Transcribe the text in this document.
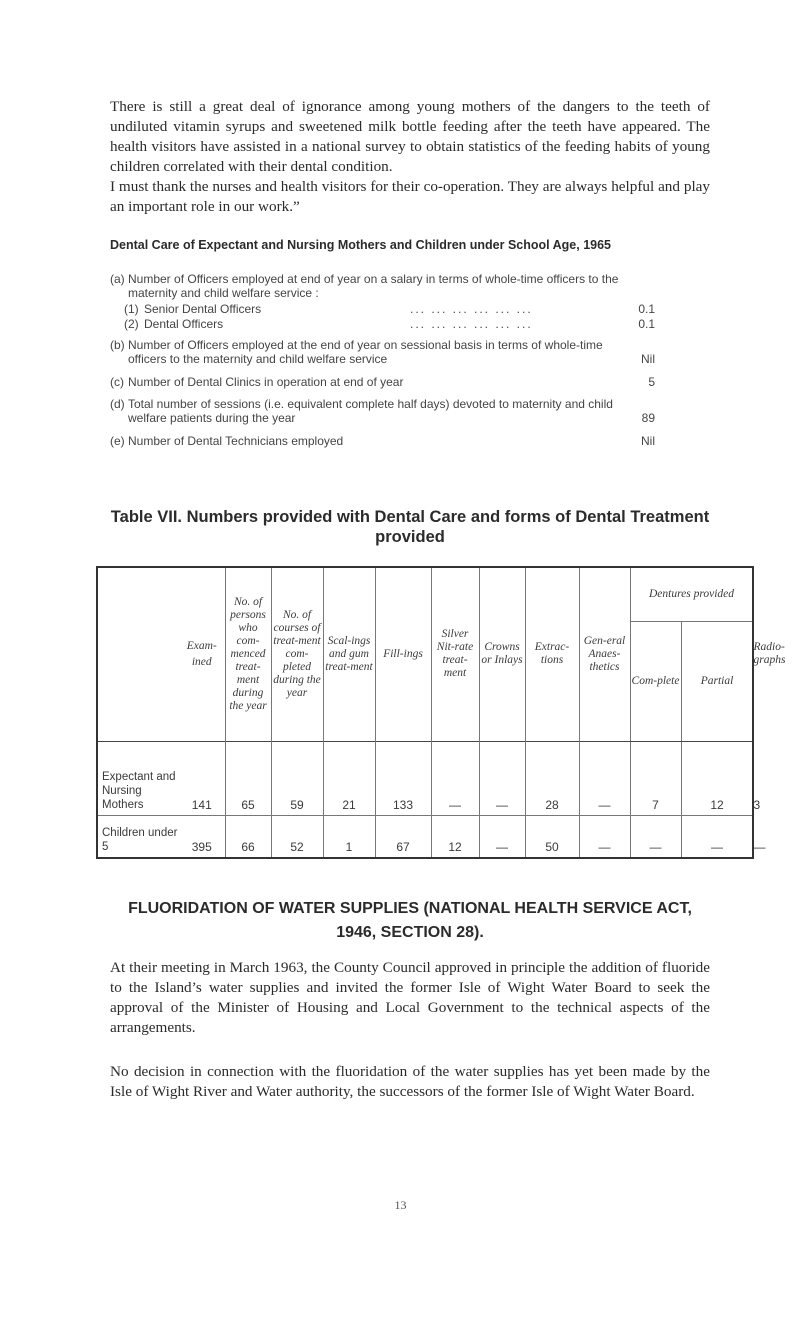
There is still a great deal of ignorance among young mothers of the dangers to the teeth of undiluted vitamin syrups and sweetened milk bottle feeding after the teeth have appeared. The health visitors have assisted in a national survey to obtain statistics of the feeding habits of young children correlated with their dental condition.

I must thank the nurses and health visitors for their co-operation. They are always helpful and play an important role in our work.”

Dental Care of Expectant and Nursing Mothers and Children under School Age, 1965

(a) Number of Officers employed at end of year on a salary in terms of whole-time officers to the maternity and child welfare service :
(1) Senior Dental Officers	... ... ... ... ... ...	0.1
(2) Dental Officers	... ... ... ... ... ...	0.1
(b) Number of Officers employed at the end of year on sessional basis in terms of whole-time officers to the maternity and child welfare service	Nil
(c) Number of Dental Clinics in operation at end of year	5
(d) Total number of sessions (i.e. equivalent complete half days) devoted to maternity and child welfare patients during the year	89
(e) Number of Dental Technicians employed	Nil

Table VII. Numbers provided with Dental Care and forms of Dental Treatment provided

	Exam-ined	No. of persons who com-menced treat-ment during the year	No. of courses of treat-ment com-pleted during the year	Scal-ings and gum treat-ment	Fill-ings	Silver Nit-rate treat-ment	Crowns or Inlays	Extrac-tions	Gen-eral Anaes-thetics	Dentures provided		Radio-graphs
										Com-plete	Partial	
Expectant and Nursing Mothers	141	65	59	21	133	—	—	28	—	7	12	3
Children under 5	395	66	52	1	67	12	—	50	—	—	—	—

FLUORIDATION OF WATER SUPPLIES (NATIONAL HEALTH SERVICE ACT, 1946, SECTION 28).

At their meeting in March 1963, the County Council approved in principle the addition of fluoride to the Island’s water supplies and invited the former Isle of Wight Water Board to seek the approval of the Minister of Housing and Local Government to the technical aspects of the arrangements.

No decision in connection with the fluoridation of the water supplies has yet been made by the Isle of Wight River and Water authority, the successors of the former Isle of Wight Water Board.

13
